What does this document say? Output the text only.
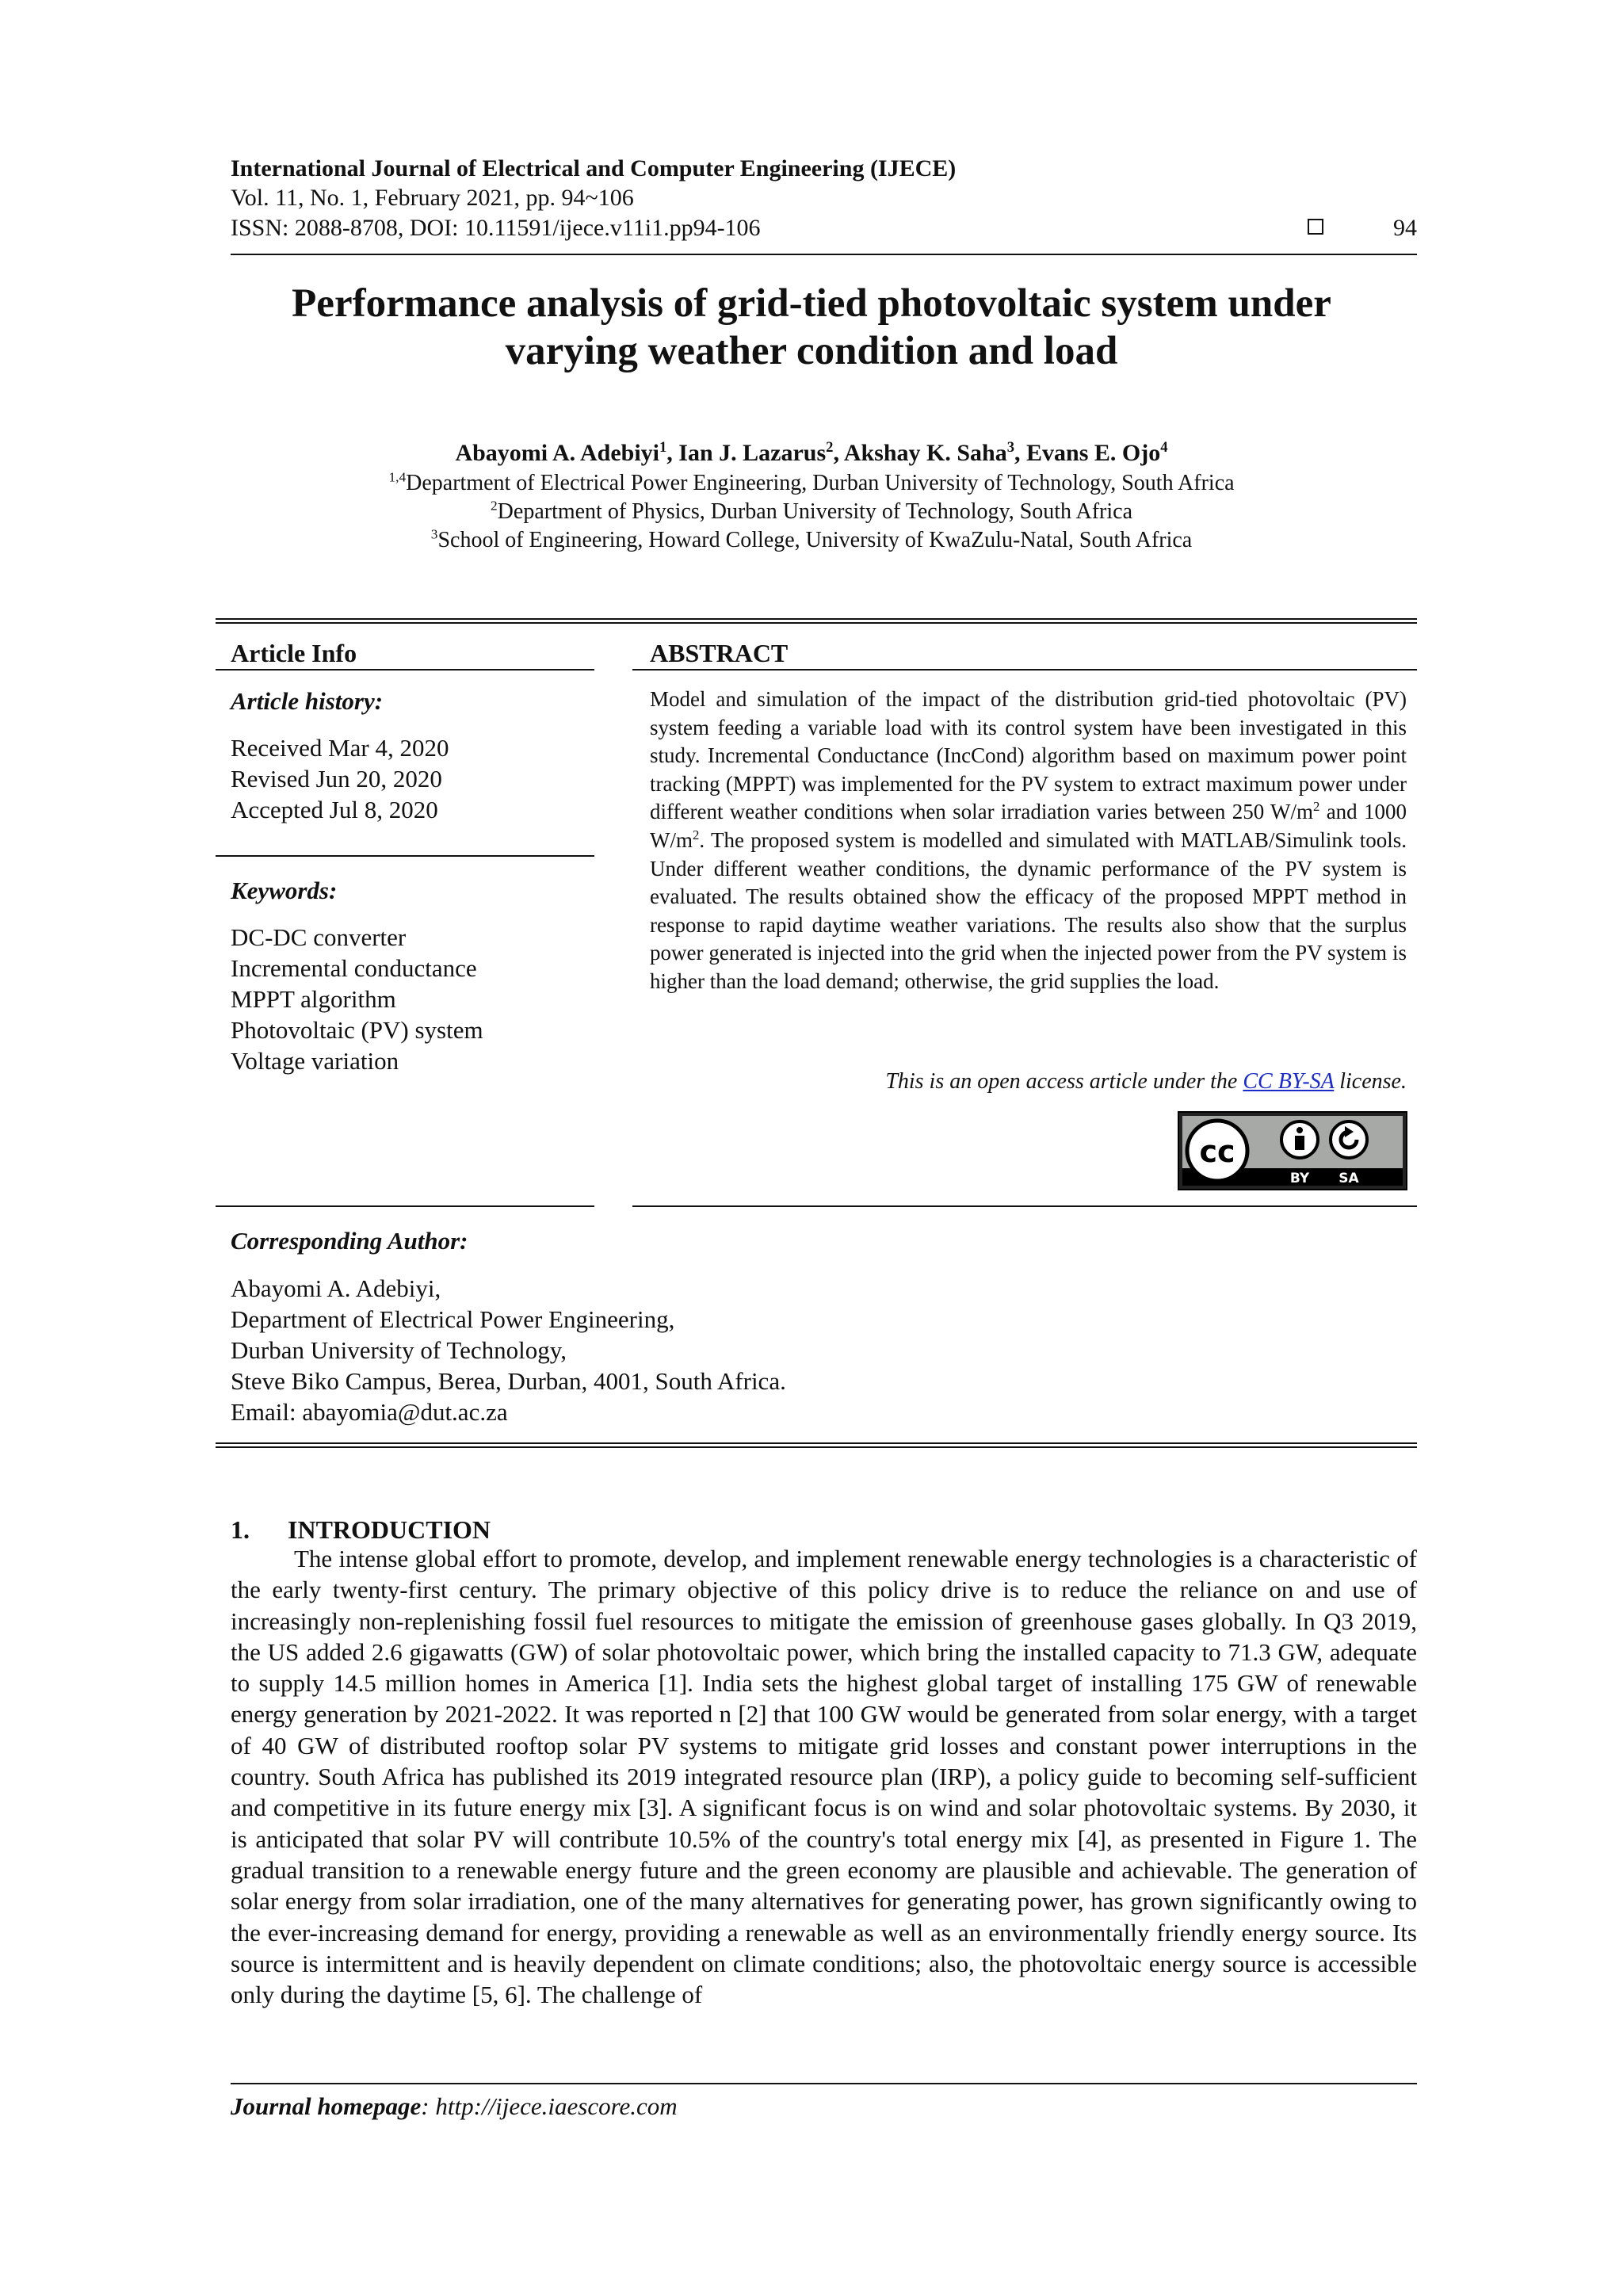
International Journal of Electrical and Computer Engineering (IJECE)
Vol. 11, No. 1, February 2021, pp. 94~106
ISSN: 2088-8708, DOI: 10.11591/ijece.v11i1.pp94-106	94
Performance analysis of grid-tied photovoltaic system under
varying weather condition and load
Abayomi A. Adebiyi$^1$, Ian J. Lazarus$^2$, Akshay K. Saha$^3$, Evans E. Ojo$^4$
$^{1,4}$Department of Electrical Power Engineering, Durban University of Technology, South Africa
$^2$Department of Physics, Durban University of Technology, South Africa
$^3$School of Engineering, Howard College, University of KwaZulu-Natal, South Africa
Article Info
Article history:
Received Mar 4, 2020
Revised Jun 20, 2020
Accepted Jul 8, 2020
Keywords:
DC-DC converter
Incremental conductance
MPPT algorithm
Photovoltaic (PV) system
Voltage variation
ABSTRACT
Model and simulation of the impact of the distribution grid-tied photovoltaic (PV) system feeding a variable load with its control system have been investigated in this study. Incremental Conductance (IncCond) algorithm based on maximum power point tracking (MPPT) was implemented for the PV system to extract maximum power under different weather conditions when solar irradiation varies between 250 $W/m^2$ and 1000 $W/m^2$. The proposed system is modelled and simulated with MATLAB/Simulink tools. Under different weather conditions, the dynamic performance of the PV system is evaluated. The results obtained show the efficacy of the proposed MPPT method in response to rapid daytime weather variations. The results also show that the surplus power generated is injected into the grid when the injected power from the PV system is higher than the load demand; otherwise, the grid supplies the load.
This is an open access article under the CC BY-SA license.
cc
BY SA
Corresponding Author:
Abayomi A. Adebiyi,
Department of Electrical Power Engineering,
Durban University of Technology,
Steve Biko Campus, Berea, Durban, 4001, South Africa.
Email: abayomia@dut.ac.za
1. INTRODUCTION
The intense global effort to promote, develop, and implement renewable energy technologies is a characteristic of the early twenty-first century. The primary objective of this policy drive is to reduce the reliance on and use of increasingly non-replenishing fossil fuel resources to mitigate the emission of greenhouse gases globally. In Q3 2019, the US added 2.6 gigawatts (GW) of solar photovoltaic power, which bring the installed capacity to 71.3 GW, adequate to supply 14.5 million homes in America [1]. India sets the highest global target of installing 175 GW of renewable energy generation by 2021-2022. It was reported n [2] that 100 GW would be generated from solar energy, with a target of 40 GW of distributed rooftop solar PV systems to mitigate grid losses and constant power interruptions in the country. South Africa has published its 2019 integrated resource plan (IRP), a policy guide to becoming self-sufficient and competitive in its future energy mix [3]. A significant focus is on wind and solar photovoltaic systems. By 2030, it is anticipated that solar PV will contribute 10.5% of the country's total energy mix [4], as presented in Figure 1. The gradual transition to a renewable energy future and the green economy are plausible and achievable. The generation of solar energy from solar irradiation, one of the many alternatives for generating power, has grown significantly owing to the ever-increasing demand for energy, providing a renewable as well as an environmentally friendly energy source. Its source is intermittent and is heavily dependent on climate conditions; also, the photovoltaic energy source is accessible only during the daytime [5, 6]. The challenge of
Journal homepage: http://ijece.iaescore.com
